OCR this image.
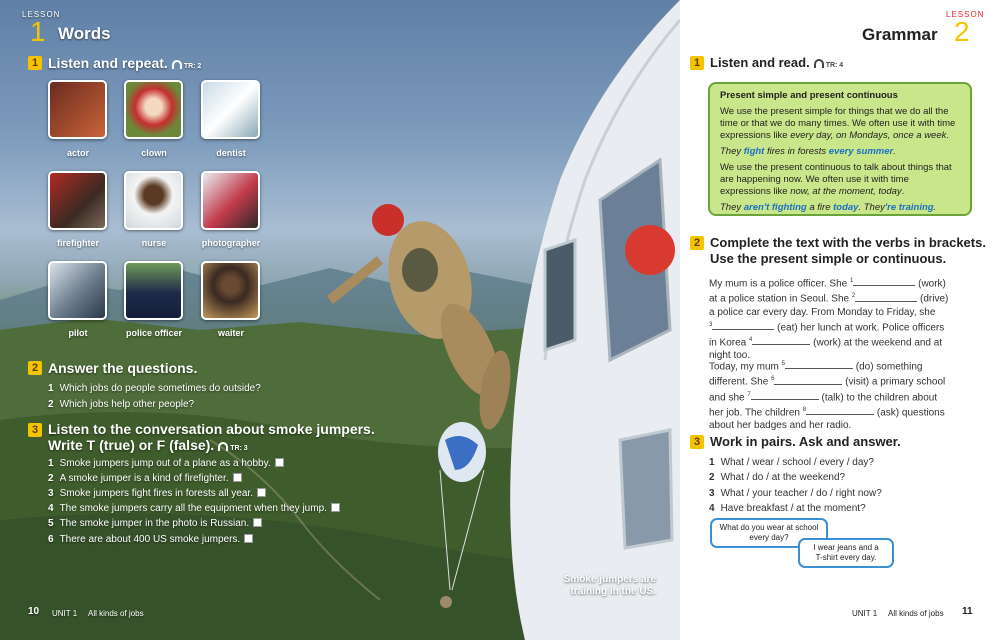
LESSON
1 Words
1 Listen and repeat. TR: 2
actor	clown	dentist
firefighter	nurse	photographer
pilot	police officer	waiter
2 Answer the questions.
1 Which jobs do people sometimes do outside?
2 Which jobs help other people?
3 Listen to the conversation about smoke jumpers.
Write T (true) or F (false). TR: 3
1 Smoke jumpers jump out of a plane as a hobby.
2 A smoke jumper is a kind of firefighter.
3 Smoke jumpers fight fires in forests all year.
4 The smoke jumpers carry all the equipment when they jump.
5 The smoke jumper in the photo is Russian.
6 There are about 400 US smoke jumpers.
Smoke jumpers are
training in the US.
10 UNIT 1 All kinds of jobs
Grammar
LESSON
2
1 Listen and read. TR: 4
Present simple and present continuous

We use the present simple for things that we do all the time or that we do many times. We often use it with time expressions like every day, on Mondays, once a week.

They fight fires in forests every summer.

We use the present continuous to talk about things that are happening now. We often use it with time expressions like now, at the moment, today.

They aren't fighting a fire today. They're training.

2 Complete the text with the verbs in brackets.
Use the present simple or continuous.
My mum is a police officer. She $^1$	(work)
at a police station in Seoul. She $^2$	(drive)
a police car every day. From Monday to Friday, she
$^3$	(eat) her lunch at work. Police officers
in Korea $^4$	(work) at the weekend and at
night too.
Today, my mum $^5$	(do) something
different. She $^6$	(visit) a primary school
and she $^7$	(talk) to the children about
her job. The children $^8$	(ask) questions
about her badges and her radio.
3 Work in pairs. Ask and answer.
1 What / wear / school / every / day?
2 What / do / at the weekend?
3 What / your teacher / do / right now?
4 Have breakfast / at the moment?
What do you wear at school
every day?
I wear jeans and a
T-shirt every day.
UNIT 1 All kinds of jobs 11
